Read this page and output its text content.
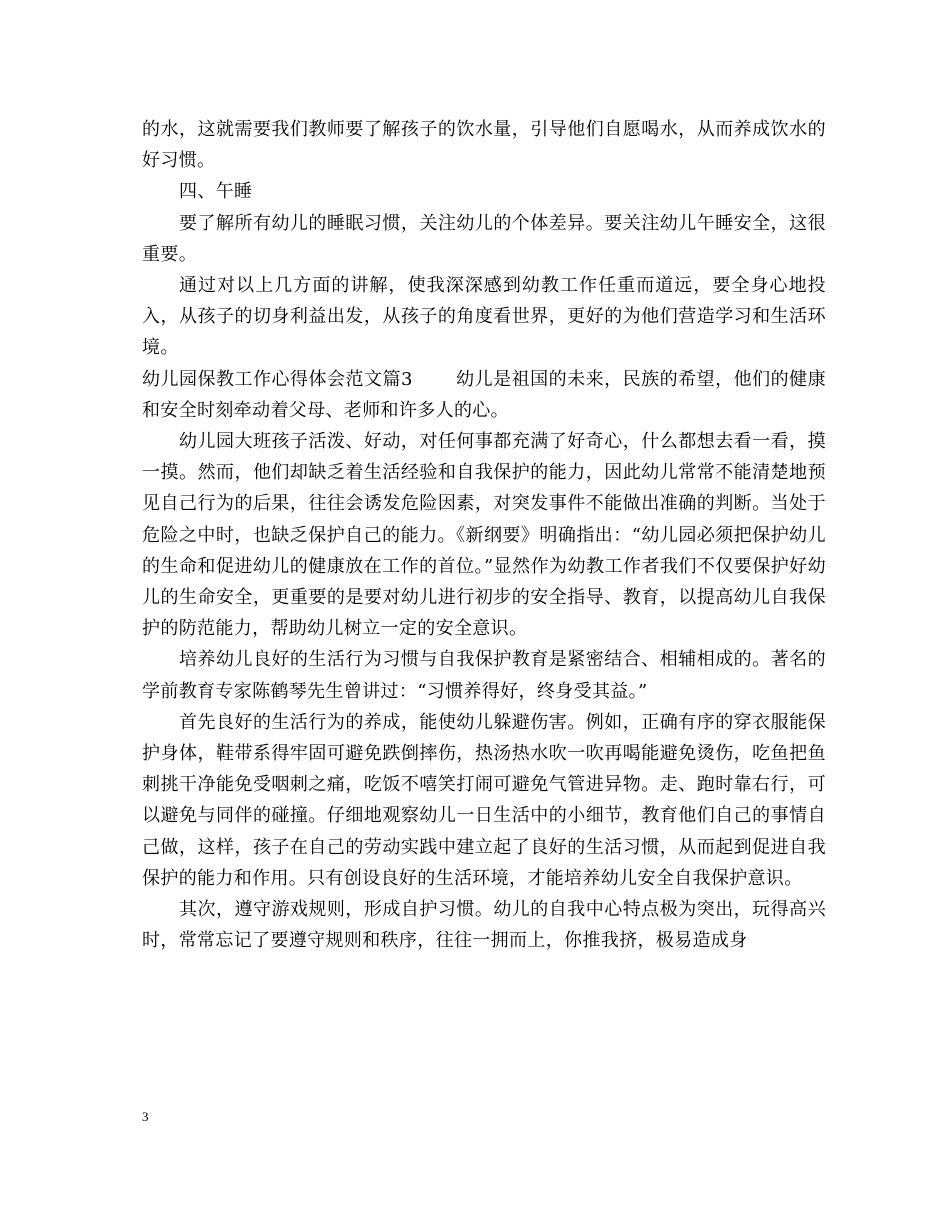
的水，这就需要我们教师要了解孩子的饮水量，引导他们自愿喝水，从而养成饮水的好习惯。

四、午睡

要了解所有幼儿的睡眠习惯，关注幼儿的个体差异。要关注幼儿午睡安全，这很重要。

通过对以上几方面的讲解，使我深深感到幼教工作任重而道远，要全身心地投入，从孩子的切身利益出发，从孩子的角度看世界，更好的为他们营造学习和生活环境。

幼儿园保教工作心得体会范文篇3 　　幼儿是祖国的未来，民族的希望，他们的健康和安全时刻牵动着父母、老师和许多人的心。

幼儿园大班孩子活泼、好动，对任何事都充满了好奇心，什么都想去看一看，摸一摸。然而，他们却缺乏着生活经验和自我保护的能力，因此幼儿常常不能清楚地预见自己行为的后果，往往会诱发危险因素，对突发事件不能做出准确的判断。当处于危险之中时，也缺乏保护自己的能力。《新纲要》明确指出：“幼儿园必须把保护幼儿的生命和促进幼儿的健康放在工作的首位。”显然作为幼教工作者我们不仅要保护好幼儿的生命安全，更重要的是要对幼儿进行初步的安全指导、教育，以提高幼儿自我保护的防范能力，帮助幼儿树立一定的安全意识。

培养幼儿良好的生活行为习惯与自我保护教育是紧密结合、相辅相成的。著名的学前教育专家陈鹤琴先生曾讲过：“习惯养得好，终身受其益。”

首先良好的生活行为的养成，能使幼儿躲避伤害。例如，正确有序的穿衣服能保护身体，鞋带系得牢固可避免跌倒摔伤，热汤热水吹一吹再喝能避免烫伤，吃鱼把鱼刺挑干净能免受咽刺之痛，吃饭不嘻笑打闹可避免气管进异物。走、跑时靠右行，可以避免与同伴的碰撞。仔细地观察幼儿一日生活中的小细节，教育他们自己的事情自己做，这样，孩子在自己的劳动实践中建立起了良好的生活习惯，从而起到促进自我保护的能力和作用。只有创设良好的生活环境，才能培养幼儿安全自我保护意识。

其次，遵守游戏规则，形成自护习惯。幼儿的自我中心特点极为突出，玩得高兴时，常常忘记了要遵守规则和秩序，往往一拥而上，你推我挤，极易造成身

3
